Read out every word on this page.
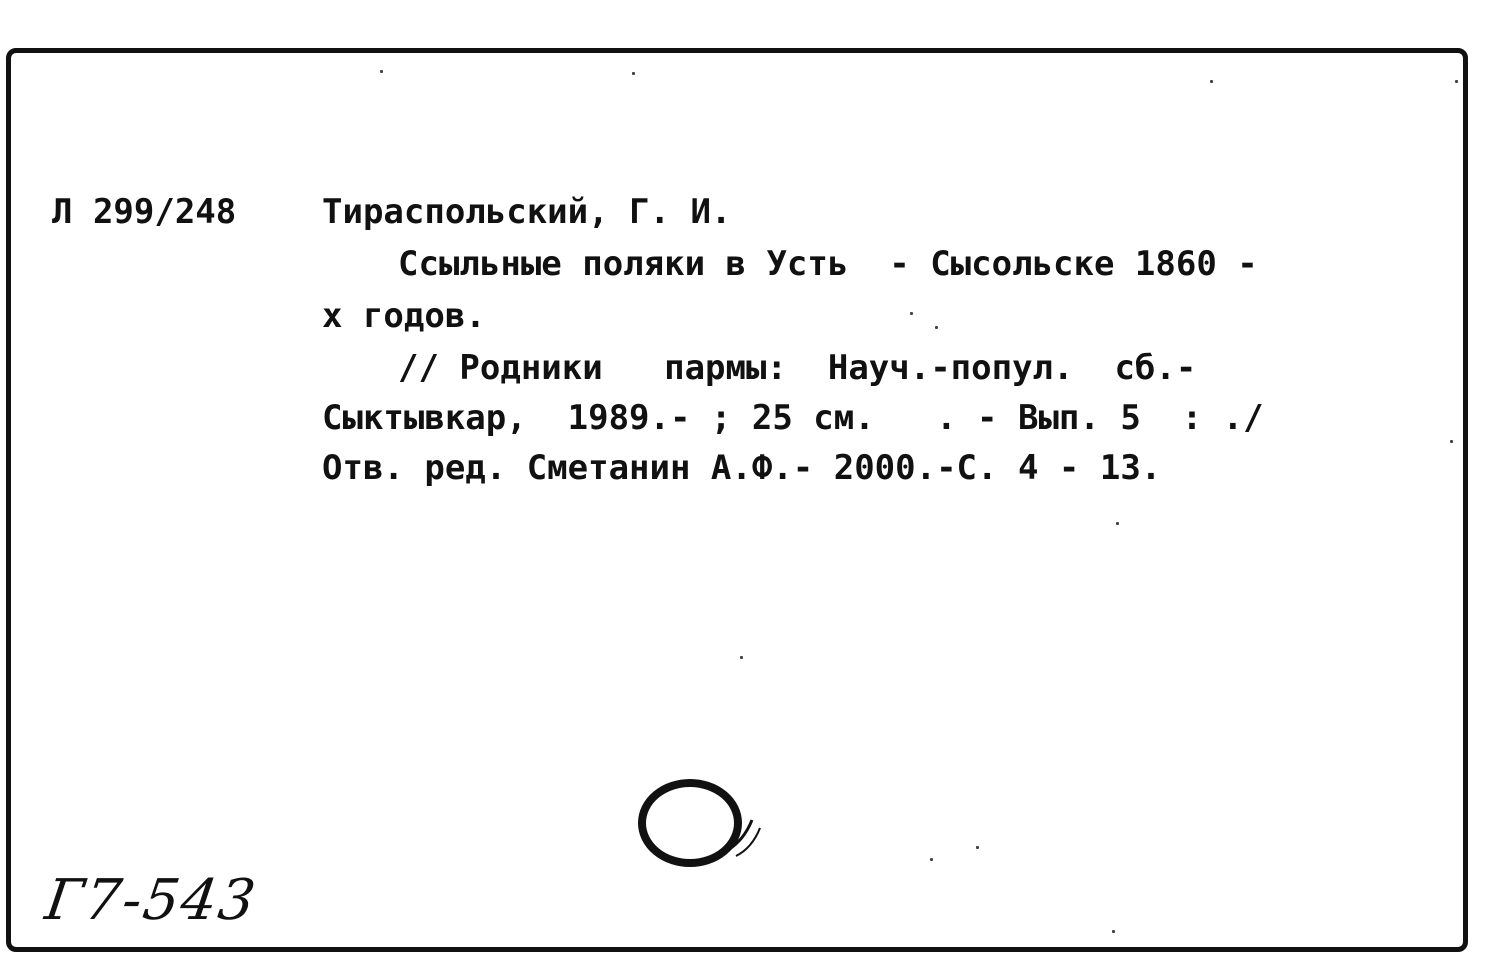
Л 299/248	Тираспольский, Г. И.
Ссыльные поляки в Усть  - Сысольске 1860 -
х годов.
// Родники   пармы:  Науч.-попул.  сб.-
Сыктывкар,  1989.- ; 25 см.   . - Вып. 5  : ./
Отв. ред. Сметанин А.Ф.- 2000.-С. 4 - 13.
Г7-543
